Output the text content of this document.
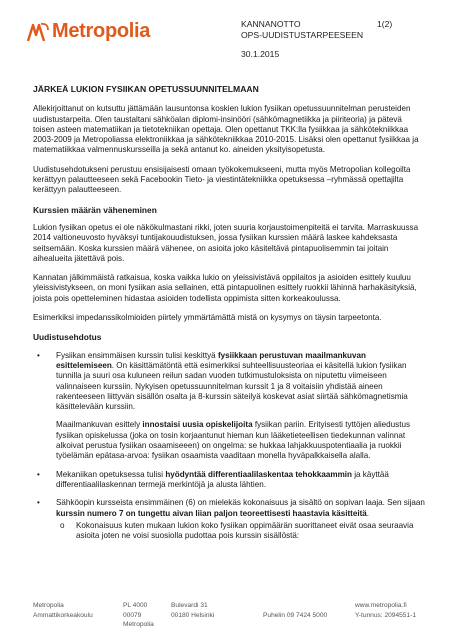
Metropolia	KANNANOTTO
OPS-UUDISTUSTARPEESEEN
1(2)
30.1.2015
JÄRKEÄ LUKION FYSIIKAN OPETUSSUUNNITELMAAN

Allekirjoittanut on kutsuttu jättämään lausuntonsa koskien lukion fysiikan opetussuunnitelman perusteiden uudistustarpeita. Olen taustaltani sähköalan diplomi-insinööri (sähkömagnetiikka ja piiriteoria) ja pätevä toisen asteen matematiikan ja tietotekniikan opettaja. Olen opettanut TKK:lla fysiikkaa ja sähkötekniikkaa 2003-2009 ja Metropoliassa elektroniikkaa ja sähkötekniikkaa 2010-2015. Lisäksi olen opettanut fysiikkaa ja matematiikkaa valmennuskursseilla ja sekä antanut ko. aineiden yksityisopetusta.

Uudistusehdotukseni perustuu ensisijaisesti omaan työkokemukseeni, mutta myös Metropolian kollegoilta kerättyyn palautteeseen sekä Facebookin Tieto- ja viestintätekniikka opetuksessa –ryhmässä opettajilta kerättyyn palautteeseen.

Kurssien määrän väheneminen

Lukion fysiikan opetus ei ole näkökulmastani rikki, joten suuria korjaustoimenpiteitä ei tarvita. Marraskuussa 2014 valtioneuvosto hyväksyi tuntijakouudistuksen, jossa fysiikan kurssien määrä laskee kahdeksasta seitsemään. Koska kurssien määrä vähenee, on asioita joko käsiteltävä pintapuolisemmin tai joitain aihealueita jätettävä pois.

Kannatan jälkimmäistä ratkaisua, koska vaikka lukio on yleissivistävä oppilaitos ja asioiden esittely kuuluu yleissivistykseen, on moni fysiikan asia sellainen, että pintapuolinen esittely ruokkii lähinnä harhakäsityksiä, joista pois opetteleminen hidastaa asioiden todellista oppimista sitten korkeakoulussa.

Esimerkiksi impedanssikolmioiden piirtely ymmärtämättä mistä on kysymys on täysin tarpeetonta.

Uudistusehdotus
• Fysiikan ensimmäisen kurssin tulisi keskittyä fysiikkaan perustuvan maailmankuvan esittelemiseen. On käsittämätöntä että esimerkiksi suhteellisuusteoriaa ei käsitellä lukion fysiikan tunnilla ja suuri osa kuluneen reilun sadan vuoden tutkimustuloksista on niputettu viimeiseen valinnaiseen kurssiin. Nykyisen opetussuunnitelman kurssit 1 ja 8 voitaisiin yhdistää aineen rakenteeseen liittyvän sisällön osalta ja 8-kurssin säteilyä koskevat asiat siirtää sähkömagnetismia käsittelevään kurssiin.

Maailmankuvan esittely innostaisi uusia opiskelijoita fysiikan pariin. Erityisesti tyttöjen aliedustus fysiikan opiskelussa (joka on tosin korjaantunut hieman kun lääketieteellisen tiedekunnan valinnat alkoivat perustua fysiikan osaamiseeen) on ongelma: se hukkaa lahjakkuuspotentiaalia ja ruokkii työelämän epätasa-arvoa: fysiikan osaamista vaaditaan monella hyväpalkkaisella alalla.

• Mekaniikan opetuksessa tulisi hyödyntää differentiaalilaskentaa tehokkaammin ja käyttää differentiaalilaskennan termejä merkintöjä ja alusta lähtien.

• Sähköopin kursseista ensimmäinen (6) on mielekäs kokonaisuus ja sisältö on sopivan laaja. Sen sijaan kurssin numero 7 on tungettu aivan liian paljon teoreettisesti haastavia käsitteitä.

o Kokonaisuus kuten mukaan lukion koko fysiikan oppimäärän suorittaneet eivät osaa seuraavia asioita joten ne voisi suosiolla pudottaa pois kurssin sisällöstä:
Metropolia	PL 4000	Bulevardi 31	www.metropolia.fi
Ammattikorkeakoulu	00079 Metropolia
00180 Helsinki	Puhelin 09 7424 5000	Y-tunnus: 2094551-1
